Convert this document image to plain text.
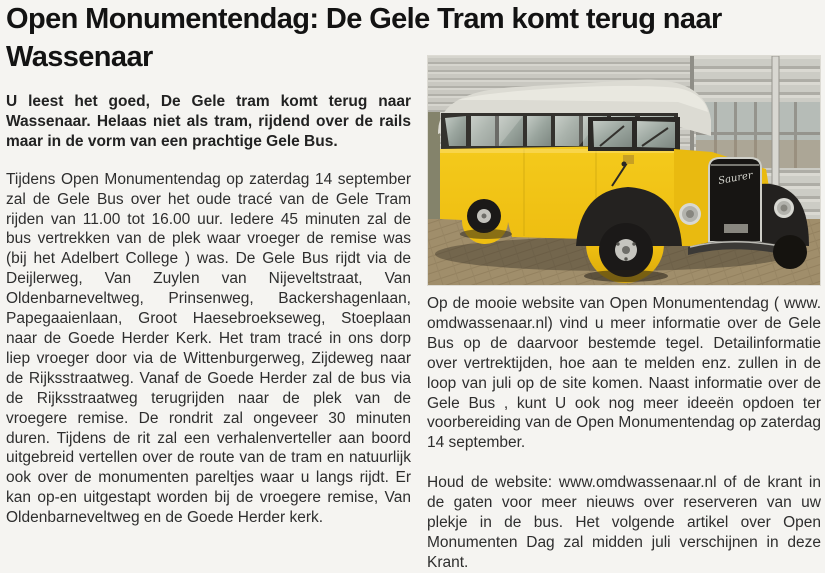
Open Monumentendag: De Gele Tram komt terug naar
Wassenaar

U leest het goed, De Gele tram komt terug naar Wassenaar. Helaas niet als tram, rijdend over de rails maar in de vorm van een prachtige Gele Bus.

Tijdens Open Monumentendag op zaterdag 14 september zal de Gele Bus over het oude tracé van de Gele Tram rijden van 11.00 tot 16.00 uur. Iedere 45 minuten zal de bus vertrekken van de plek waar vroeger de remise was (bij het Adelbert College ) was. De Gele Bus rijdt via de Deijlerweg, Van Zuylen van Nijeveltstraat, Van Oldenbarneveltweg, Prinsenweg, Backershagenlaan, Papegaaienlaan, Groot Haesebroekseweg, Stoeplaan naar de Goede Herder Kerk. Het tram tracé in ons dorp liep vroeger door via de Wittenburgerweg, Zijdeweg naar de Rijksstraatweg. Vanaf de Goede Herder zal de bus via de Rijksstraatweg terugrijden naar de plek van de vroegere remise. De rondrit zal ongeveer 30 minuten duren. Tijdens de rit zal een verhalenverteller aan boord uitgebreid vertellen over de route van de tram en natuurlijk ook over de monumenten pareltjes waar u langs rijdt. Er kan op-en uitgestapt worden bij de vroegere remise, Van Oldenbarneveltweg en de Goede Herder kerk.

Saurer

Op de mooie website van Open Monumentendag ( www. omdwassenaar.nl) vind u meer informatie over de Gele Bus op de daarvoor bestemde tegel. Detailinformatie over vertrektijden, hoe aan te melden enz. zullen in de loop van juli op de site komen. Naast informatie over de Gele Bus , kunt U ook nog meer ideeën opdoen ter voorbereiding van de Open Monumentendag op zaterdag 14 september.

Houd de website: www.omdwassenaar.nl of de krant in de gaten voor meer nieuws over reserveren van uw plekje in de bus. Het volgende artikel over Open Monumenten Dag zal midden juli verschijnen in deze Krant.
